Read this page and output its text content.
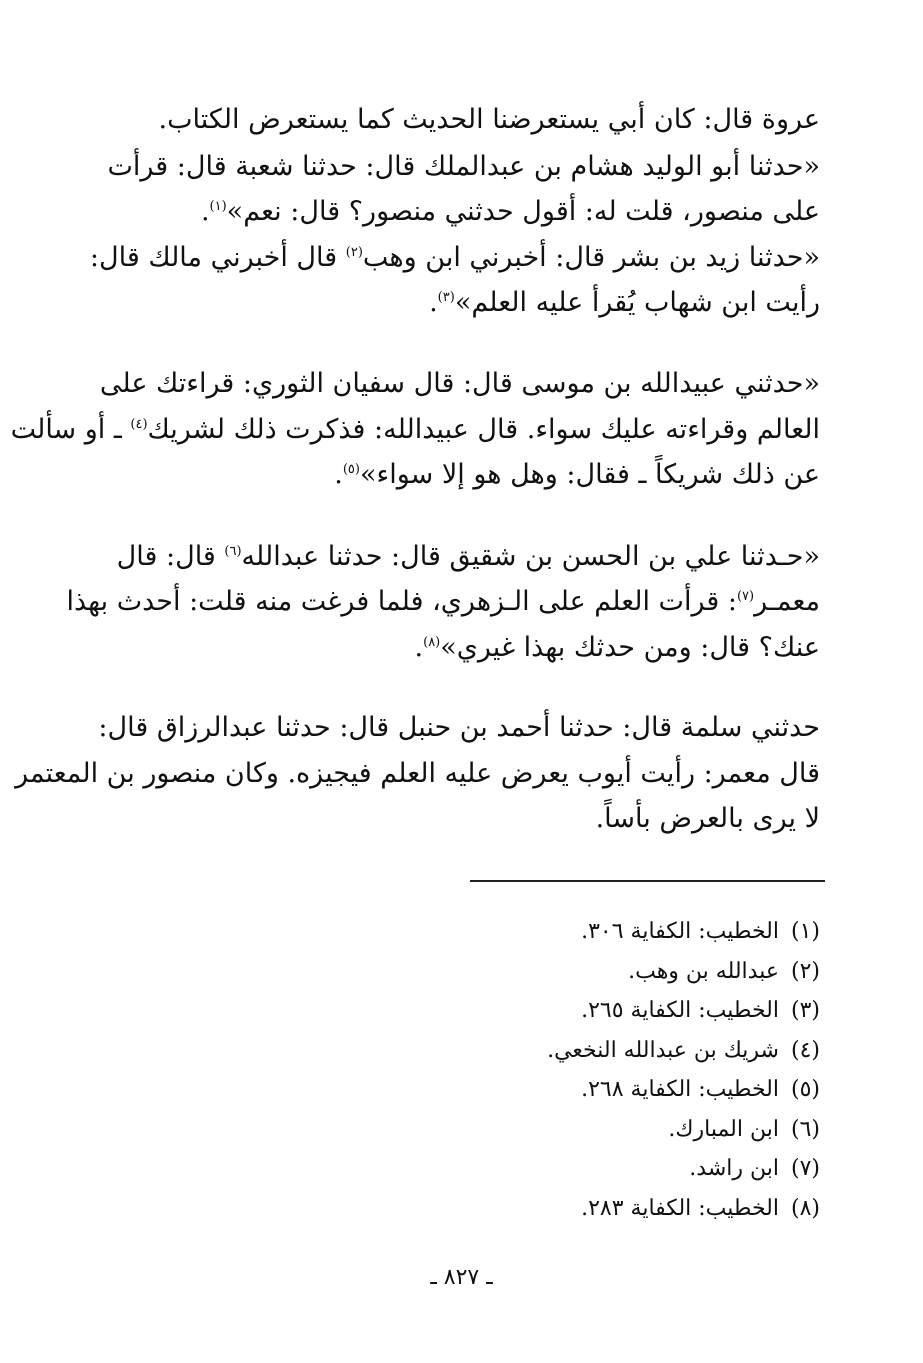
عروة قال: كان أبي يستعرضنا الحديث كما يستعرض الكتاب.
«حدثنا أبو الوليد هشام بن عبدالملك قال: حدثنا شعبة قال: قرأت
على منصور، قلت له: أقول حدثني منصور؟ قال: نعم»$^{(١)}$.
«حدثنا زيد بن بشر قال: أخبرني ابن وهب$^{(٢)}$ قال أخبرني مالك قال:
رأيت ابن شهاب يُقرأ عليه العلم»$^{(٣)}$.
«حدثني عبيدالله بن موسى قال: قال سفيان الثوري: قراءتك على
العالم وقراءته عليك سواء. قال عبيدالله: فذكرت ذلك لشريك$^{(٤)}$ ـ أو سألت
عن ذلك شريكاً ـ فقال: وهل هو إلا سواء»$^{(٥)}$.
«حـدثنا علي بن الحسن بن شقيق قال: حدثنا عبدالله$^{(٦)}$ قال: قال
معمـر$^{(٧)}$: قرأت العلم على الـزهري، فلما فرغت منه قلت: أحدث بهذا
عنك؟ قال: ومن حدثك بهذا غيري»$^{(٨)}$.
حدثني سلمة قال: حدثنا أحمد بن حنبل قال: حدثنا عبدالرزاق قال:
قال معمر: رأيت أيوب يعرض عليه العلم فيجيزه. وكان منصور بن المعتمر
لا يرى بالعرض بأساً.
(١)الخطيب: الكفاية ٣٠٦.
(٢)عبدالله بن وهب.
(٣)الخطيب: الكفاية ٢٦٥.
(٤)شريك بن عبدالله النخعي.
(٥)الخطيب: الكفاية ٢٦٨.
(٦)ابن المبارك.
(٧)ابن راشد.
(٨)الخطيب: الكفاية ٢٨٣.
ـ ٨٢٧ ـ
